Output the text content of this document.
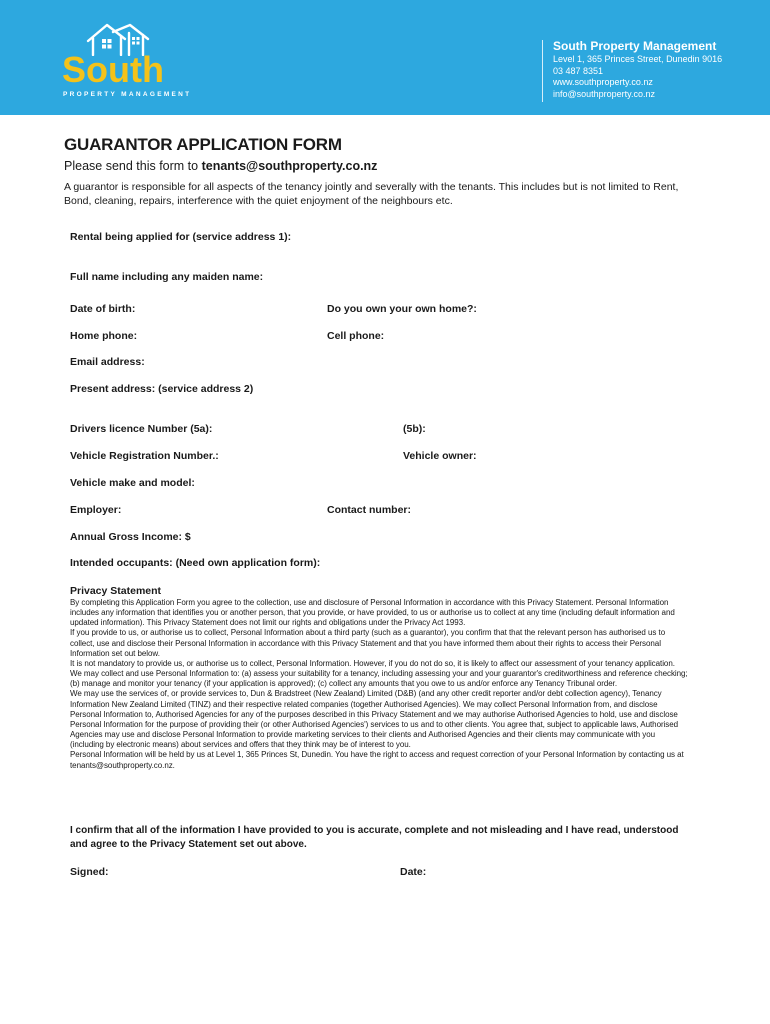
South
PROPERTY MANAGEMENT
South Property Management
Level 1, 365 Princes Street, Dunedin 9016
03 487 8351
www.southproperty.co.nz
info@southproperty.co.nz
GUARANTOR APPLICATION FORM
Please send this form to tenants@southproperty.co.nz

A guarantor is responsible for all aspects of the tenancy jointly and severally with the tenants. This includes but is not limited to Rent, Bond, cleaning, repairs, interference with the quiet enjoyment of the neighbours etc.

Rental being applied for (service address 1):
Full name including any maiden name:
Date of birth:	Do you own your own home?:
Home phone:	Cell phone:
Email address:
Present address: (service address 2)
Drivers licence Number (5a):	(5b):
Vehicle Registration Number.:	Vehicle owner:
Vehicle make and model:
Employer:	Contact number:
Annual Gross Income: $
Intended occupants: (Need own application form):
Privacy Statement

By completing this Application Form you agree to the collection, use and disclosure of Personal Information in accordance with this Privacy Statement. Personal Information includes any information that identifies you or another person, that you provide, or have provided, to us or authorise us to collect at any time (including default information and updated information). This Privacy Statement does not limit our rights and obligations under the Privacy Act 1993.

If you provide to us, or authorise us to collect, Personal Information about a third party (such as a guarantor), you confirm that that the relevant person has authorised us to collect, use and disclose their Personal Information in accordance with this Privacy Statement and that you have informed them about their rights to access their Personal Information set out below.

It is not mandatory to provide us, or authorise us to collect, Personal Information. However, if you do not do so, it is likely to affect our assessment of your tenancy application.

We may collect and use Personal Information to: (a) assess your suitability for a tenancy, including assessing your and your guarantor's creditworthiness and reference checking; (b) manage and monitor your tenancy (if your application is approved); (c) collect any amounts that you owe to us and/or enforce any Tenancy Tribunal order.

We may use the services of, or provide services to, Dun & Bradstreet (New Zealand) Limited (D&B) (and any other credit reporter and/or debt collection agency), Tenancy Information New Zealand Limited (TINZ) and their respective related companies (together Authorised Agencies). We may collect Personal Information from, and disclose Personal Information to, Authorised Agencies for any of the purposes described in this Privacy Statement and we may authorise Authorised Agencies to hold, use and disclose Personal Information for the purpose of providing their (or other Authorised Agencies') services to us and to other clients. You agree that, subject to applicable laws, Authorised Agencies may use and disclose Personal Information to provide marketing services to their clients and Authorised Agencies and their clients may communicate with you (including by electronic means) about services and offers that they think may be of interest to you.

Personal Information will be held by us at Level 1, 365 Princes St, Dunedin. You have the right to access and request correction of your Personal Information by contacting us at tenants@southproperty.co.nz.

I confirm that all of the information I have provided to you is accurate, complete and not misleading and I have read, understood and agree to the Privacy Statement set out above.

Signed:	Date:
